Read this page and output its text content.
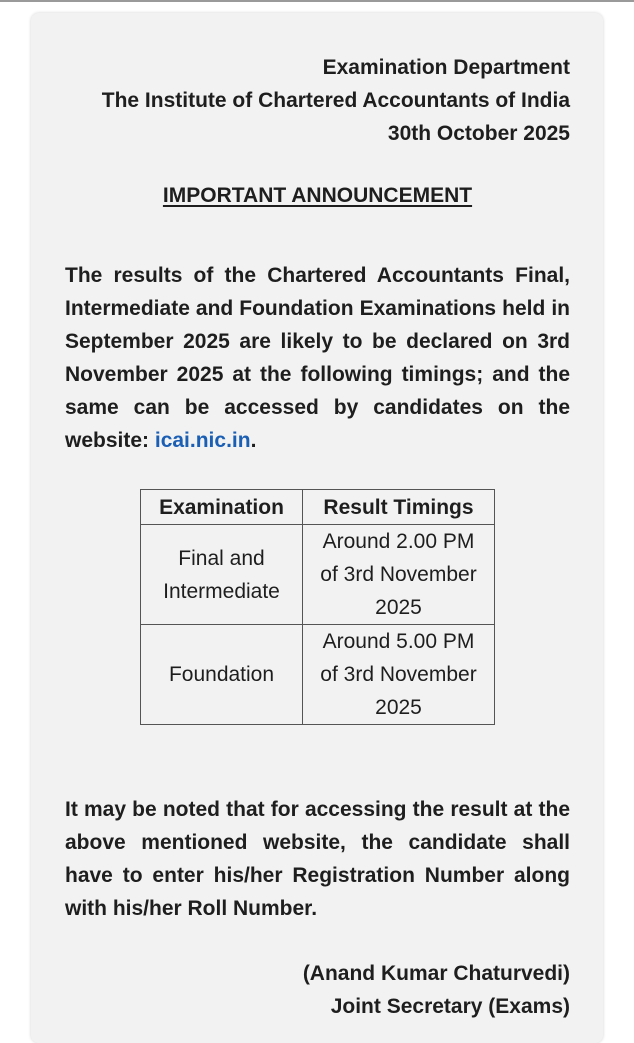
Examination Department
The Institute of Chartered Accountants of India
30th October 2025
IMPORTANT ANNOUNCEMENT
The results of the Chartered Accountants Final, Intermediate and Foundation Examinations held in September 2025 are likely to be declared on 3rd November 2025 at the following timings; and the same can be accessed by candidates on the website: icai.nic.in.
Examination	Result Timings
Final and Intermediate	Around 2.00 PM of 3rd November 2025
Foundation	Around 5.00 PM of 3rd November 2025
It may be noted that for accessing the result at the above mentioned website, the candidate shall have to enter his/her Registration Number along with his/her Roll Number.
(Anand Kumar Chaturvedi)
Joint Secretary (Exams)
